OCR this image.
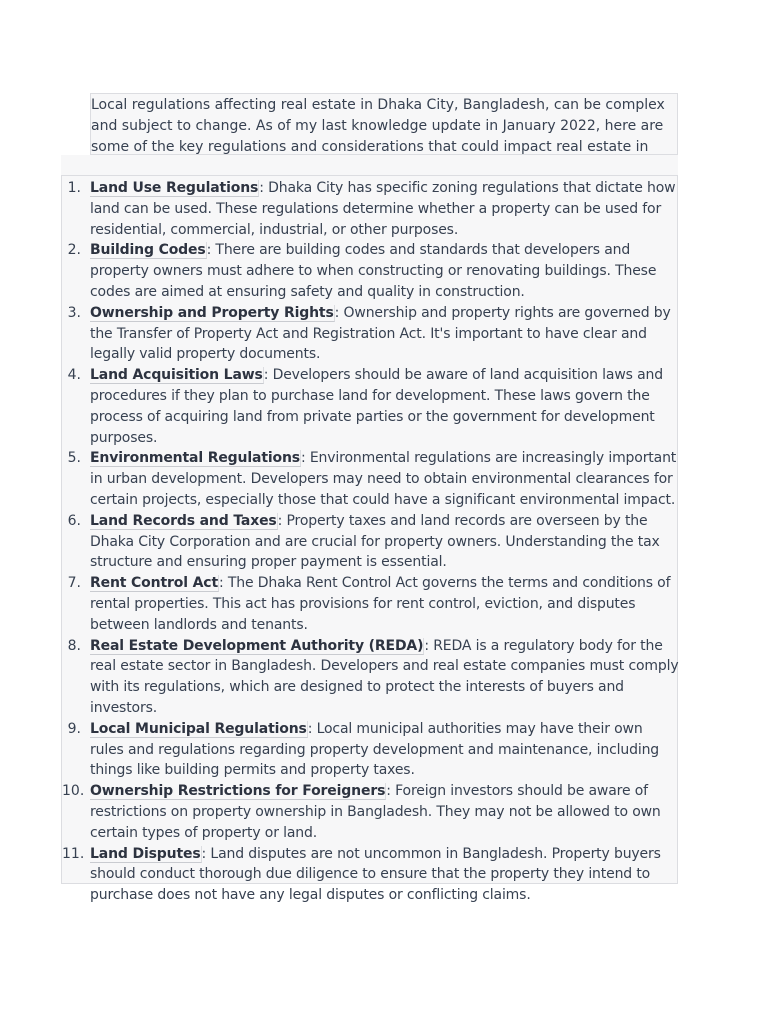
Local regulations affecting real estate in Dhaka City, Bangladesh, can be complex and subject to change. As of my last knowledge update in January 2022, here are some of the key regulations and considerations that could impact real estate in
1. Land Use Regulations: Dhaka City has specific zoning regulations that dictate how land can be used. These regulations determine whether a property can be used for residential, commercial, industrial, or other purposes.
2. Building Codes: There are building codes and standards that developers and property owners must adhere to when constructing or renovating buildings. These codes are aimed at ensuring safety and quality in construction.
3. Ownership and Property Rights: Ownership and property rights are governed by the Transfer of Property Act and Registration Act. It's important to have clear and legally valid property documents.
4. Land Acquisition Laws: Developers should be aware of land acquisition laws and procedures if they plan to purchase land for development. These laws govern the process of acquiring land from private parties or the government for development purposes.
5. Environmental Regulations: Environmental regulations are increasingly important in urban development. Developers may need to obtain environmental clearances for certain projects, especially those that could have a significant environmental impact.
6. Land Records and Taxes: Property taxes and land records are overseen by the Dhaka City Corporation and are crucial for property owners. Understanding the tax structure and ensuring proper payment is essential.
7. Rent Control Act: The Dhaka Rent Control Act governs the terms and conditions of rental properties. This act has provisions for rent control, eviction, and disputes between landlords and tenants.
8. Real Estate Development Authority (REDA): REDA is a regulatory body for the real estate sector in Bangladesh. Developers and real estate companies must comply with its regulations, which are designed to protect the interests of buyers and investors.
9. Local Municipal Regulations: Local municipal authorities may have their own rules and regulations regarding property development and maintenance, including things like building permits and property taxes.
10. Ownership Restrictions for Foreigners: Foreign investors should be aware of restrictions on property ownership in Bangladesh. They may not be allowed to own certain types of property or land.
11. Land Disputes: Land disputes are not uncommon in Bangladesh. Property buyers should conduct thorough due diligence to ensure that the property they intend to purchase does not have any legal disputes or conflicting claims.
